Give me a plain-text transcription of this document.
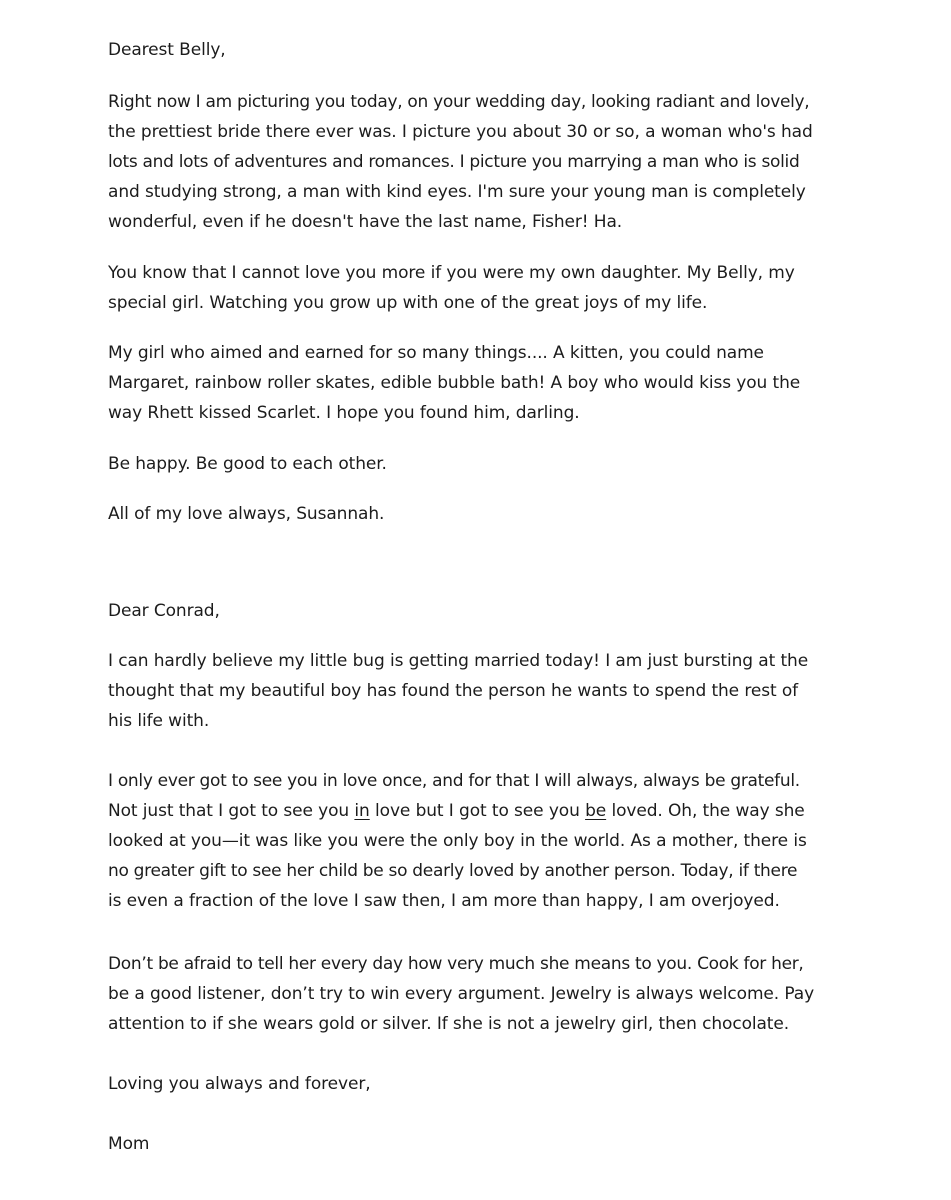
Dearest Belly,
Right now I am picturing you today, on your wedding day, looking radiant and lovely,
the prettiest bride there ever was. I picture you about 30 or so, a woman who's had
lots and lots of adventures and romances. I picture you marrying a man who is solid
and studying strong, a man with kind eyes. I'm sure your young man is completely
wonderful, even if he doesn't have the last name, Fisher! Ha.
You know that I cannot love you more if you were my own daughter. My Belly, my
special girl. Watching you grow up with one of the great joys of my life.
My girl who aimed and earned for so many things.... A kitten, you could name
Margaret, rainbow roller skates, edible bubble bath! A boy who would kiss you the
way Rhett kissed Scarlet. I hope you found him, darling.
Be happy. Be good to each other.
All of my love always, Susannah.
Dear Conrad,
I can hardly believe my little bug is getting married today! I am just bursting at the
thought that my beautiful boy has found the person he wants to spend the rest of
his life with.
I only ever got to see you in love once, and for that I will always, always be grateful.
Not just that I got to see you in love but I got to see you be loved. Oh, the way she
looked at you—it was like you were the only boy in the world. As a mother, there is
no greater gift to see her child be so dearly loved by another person. Today, if there
is even a fraction of the love I saw then, I am more than happy, I am overjoyed.
Don’t be afraid to tell her every day how very much she means to you. Cook for her,
be a good listener, don’t try to win every argument. Jewelry is always welcome. Pay
attention to if she wears gold or silver. If she is not a jewelry girl, then chocolate.
Loving you always and forever,
Mom
